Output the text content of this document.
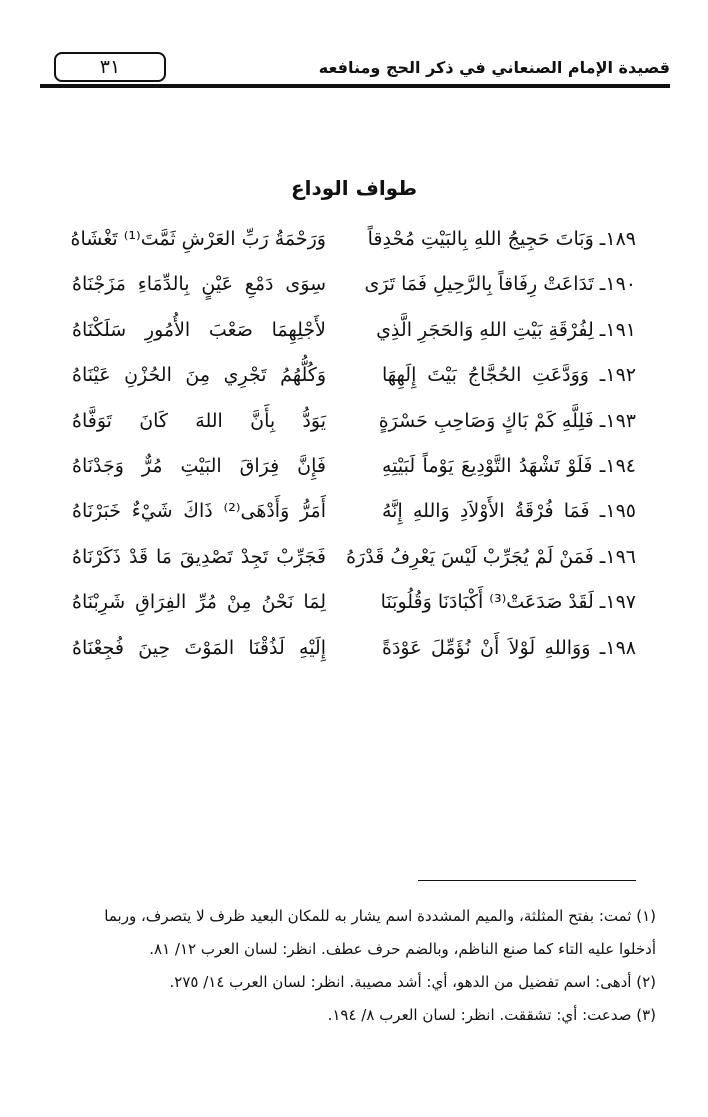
٣١	قصيدة الإمام الصنعاني في ذكر الحج ومنافعه
طواف الوداع
١٨٩ـ وَبَاتَ حَجِيجُ اللهِ بِالبَيْتِ مُحْدِقاً
وَرَحْمَةُ رَبِّ العَرْشِ ثَمَّتَ⁽¹⁾ تَغْشَاهُ
١٩٠ـ تَدَاعَتْ رِفَاقاً بِالرَّحِيلِ فَمَا تَرَى
سِوَى دَمْعِ عَيْنٍ بِالدِّمَاءِ مَزَجْنَاهُ
١٩١ـ لِفُرْقَةِ بَيْتِ اللهِ وَالحَجَرِ الَّذِي
لأَجْلِهِمَا صَعْبَ الأُمُورِ سَلَكْنَاهُ
١٩٢ـ وَوَدَّعَتِ الحُجَّاجُ بَيْتَ إِلَهِهَا
وَكُلُّهُمُ تَجْرِي مِنَ الحُزْنِ عَيْنَاهُ
١٩٣ـ فَلِلَّهِ كَمْ بَاكٍ وَصَاحِبِ حَسْرَةٍ
يَوَدُّ بِأَنَّ اللهَ كَانَ تَوَفَّاهُ
١٩٤ـ فَلَوْ تَشْهَدُ التَّوْدِيعَ يَوْماً لَبَيْتِهِ
فَإِنَّ فِرَاقَ البَيْتِ مُرٌّ وَجَدْنَاهُ
١٩٥ـ فَمَا فُرْقَةُ الأَوْلاَدِ وَاللهِ إِنَّهُ
أَمَرُّ وَأَدْهَى⁽²⁾ ذَاكَ شَيْءٌ خَبَرْنَاهُ
١٩٦ـ فَمَنْ لَمْ يُجَرِّبْ لَيْسَ يَعْرِفُ قَدْرَهُ
فَجَرِّبْ تَجِدْ تَصْدِيقَ مَا قَدْ ذَكَرْنَاهُ
١٩٧ـ لَقَدْ صَدَعَتْ⁽³⁾ أَكْبَادَنَا وَقُلُوبَنَا
لِمَا نَحْنُ مِنْ مُرِّ الفِرَاقِ شَرِبْنَاهُ
١٩٨ـ وَوَاللهِ لَوْلاَ أَنْ نُؤَمِّلَ عَوْدَةً
إِلَيْهِ لَذُقْنَا المَوْتَ حِينَ فُجِعْنَاهُ
(١) ثمت: بفتح المثلثة، والميم المشددة اسم يشار به للمكان البعيد ظرف لا يتصرف، وربما
أدخلوا عليه التاء كما صنع الناظم، وبالضم حرف عطف. انظر: لسان العرب ١٢/ ٨١.
(٢) أدهى: اسم تفضيل من الدهو، أي: أشد مصيبة. انظر: لسان العرب ١٤/ ٢٧٥.
(٣) صدعت: أي: تشققت. انظر: لسان العرب ٨/ ١٩٤.
